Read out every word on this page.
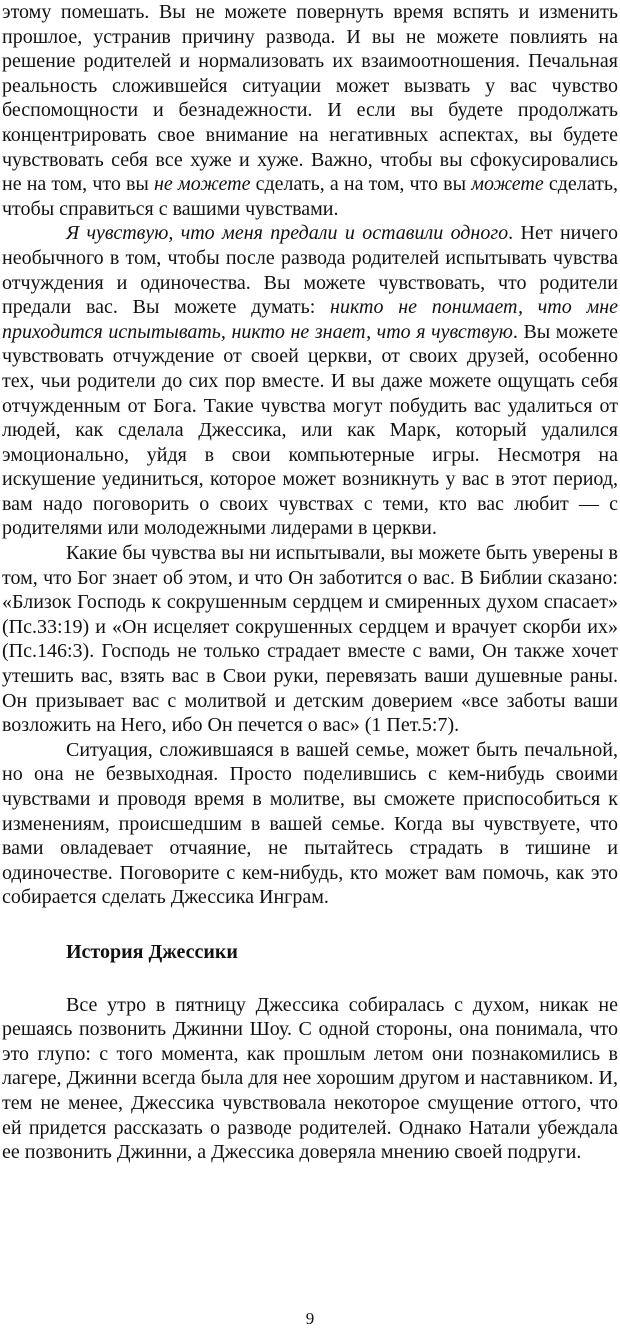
этому помешать. Вы не можете повернуть время вспять и изменить прошлое, устранив причину развода. И вы не можете повлиять на решение родителей и нормализовать их взаимоотношения. Печальная реальность сложившейся ситуации может вызвать у вас чувство беспомощности и безнадежности. И если вы будете продолжать концентрировать свое внимание на негативных аспектах, вы будете чувствовать себя все хуже и хуже. Важно, чтобы вы сфокусировались не на том, что вы не можете сделать, а на том, что вы можете сделать, чтобы справиться с вашими чувствами.

Я чувствую, что меня предали и оставили одного. Нет ничего необычного в том, чтобы после развода родителей испытывать чувства отчуждения и одиночества. Вы можете чувствовать, что родители предали вас. Вы можете думать: никто не понимает, что мне приходится испытывать, никто не знает, что я чувствую. Вы можете чувствовать отчуждение от своей церкви, от своих друзей, особенно тех, чьи родители до сих пор вместе. И вы даже можете ощущать себя отчужденным от Бога. Такие чувства могут побудить вас удалиться от людей, как сделала Джессика, или как Марк, который удалился эмоционально, уйдя в свои компьютерные игры. Несмотря на искушение уединиться, которое может возникнуть у вас в этот период, вам надо поговорить о своих чувствах с теми, кто вас любит — с родителями или молодежными лидерами в церкви.

Какие бы чувства вы ни испытывали, вы можете быть уверены в том, что Бог знает об этом, и что Он заботится о вас. В Библии сказано: «Близок Господь к сокрушенным сердцем и смиренных духом спасает» (Пс.33:19) и «Он исцеляет сокрушенных сердцем и врачует скорби их» (Пс.146:3). Господь не только страдает вместе с вами, Он также хочет утешить вас, взять вас в Свои руки, перевязать ваши душевные раны. Он призывает вас с молитвой и детским доверием «все заботы ваши возложить на Него, ибо Он печется о вас» (1 Пет.5:7).

Ситуация, сложившаяся в вашей семье, может быть печальной, но она не безвыходная. Просто поделившись с кем-нибудь своими чувствами и проводя время в молитве, вы сможете приспособиться к изменениям, происшедшим в вашей семье. Когда вы чувствуете, что вами овладевает отчаяние, не пытайтесь страдать в тишине и одиночестве. Поговорите с кем-нибудь, кто может вам помочь, как это собирается сделать Джессика Инграм.

История Джессики

Все утро в пятницу Джессика собиралась с духом, никак не решаясь позвонить Джинни Шоу. С одной стороны, она понимала, что это глупо: с того момента, как прошлым летом они познакомились в лагере, Джинни всегда была для нее хорошим другом и наставником. И, тем не менее, Джессика чувствовала некоторое смущение оттого, что ей придется рассказать о разводе родителей. Однако Натали убеждала ее позвонить Джинни, а Джессика доверяла мнению своей подруги.

9
